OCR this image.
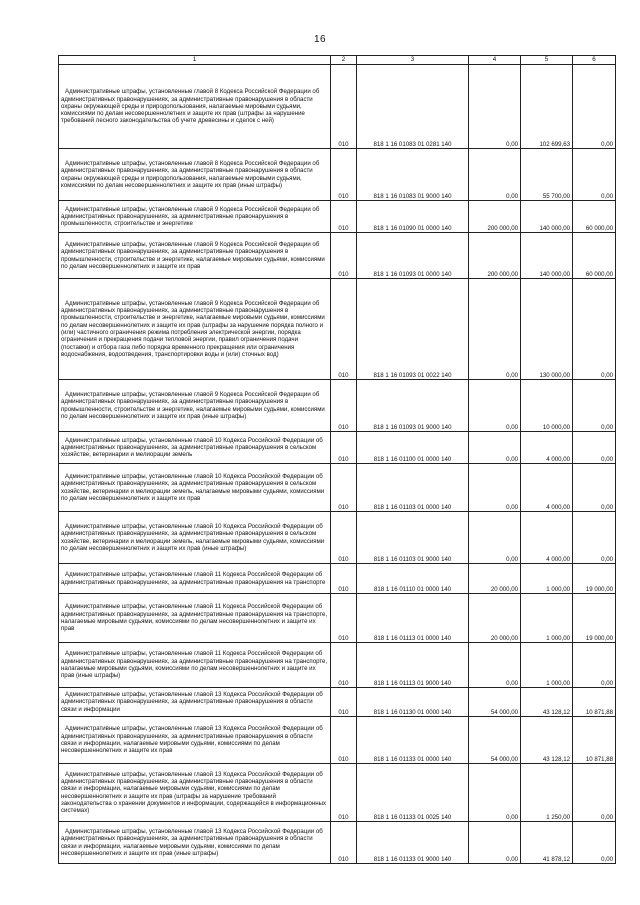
16
1	2	3	4	5	6

Административные штрафы, установленные главой 8 Кодекса Российской Федерации об административных правонарушениях, за административные правонарушения в области охраны окружающей среды и природопользования, налагаемые мировыми судьями, комиссиями по делам несовершеннолетних и защите их прав (штрафы за нарушение требований лесного законодательства об учете древесины и сделок с ней)	010	818 1 16 01083 01 0281 140	0,00	102 699,63	0,00

Административные штрафы, установленные главой 8 Кодекса Российской Федерации об административных правонарушениях, за административные правонарушения в области охраны окружающей среды и природопользования, налагаемые мировыми судьями, комиссиями по делам несовершеннолетних и защите их прав (иные штрафы)	010	818 1 16 01083 01 9000 140	0,00	55 700,00	0,00

Административные штрафы, установленные главой 9 Кодекса Российской Федерации об административных правонарушениях, за административные правонарушения в промышленности, строительстве и энергетике	010	818 1 16 01090 01 0000 140	200 000,00	140 000,00	60 000,00

Административные штрафы, установленные главой 9 Кодекса Российской Федерации об административных правонарушениях, за административные правонарушения в промышленности, строительстве и энергетике, налагаемые мировыми судьями, комиссиями по делам несовершеннолетних и защите их прав	010	818 1 16 01093 01 0000 140	200 000,00	140 000,00	60 000,00

Административные штрафы, установленные главой 9 Кодекса Российской Федерации об административных правонарушениях, за административные правонарушения в промышленности, строительстве и энергетике, налагаемые мировыми судьями, комиссиями по делам несовершеннолетних и защите их прав (штрафы за нарушение порядка полного и (или) частичного ограничения режима потребления электрической энергии, порядка ограничения и прекращения подачи тепловой энергии, правил ограничения подачи (поставки) и отбора газа либо порядка временного прекращения или ограничения водоснабжения, водоотведения, транспортировки воды и (или) сточных вод)	010	818 1 16 01093 01 0022 140	0,00	130 000,00	0,00

Административные штрафы, установленные главой 9 Кодекса Российской Федерации об административных правонарушениях, за административные правонарушения в промышленности, строительстве и энергетике, налагаемые мировыми судьями, комиссиями по делам несовершеннолетних и защите их прав (иные штрафы)	010	818 1 16 01093 01 9000 140	0,00	10 000,00	0,00

Административные штрафы, установленные главой 10 Кодекса Российской Федерации об административных правонарушениях, за административные правонарушения в сельском хозяйстве, ветеринарии и мелиорации земель	010	818 1 16 01100 01 0000 140	0,00	4 000,00	0,00

Административные штрафы, установленные главой 10 Кодекса Российской Федерации об административных правонарушениях, за административные правонарушения в сельском хозяйстве, ветеринарии и мелиорации земель, налагаемые мировыми судьями, комиссиями по делам несовершеннолетних и защите их прав	010	818 1 16 01103 01 0000 140	0,00	4 000,00	0,00

Административные штрафы, установленные главой 10 Кодекса Российской Федерации об административных правонарушениях, за административные правонарушения в сельском хозяйстве, ветеринарии и мелиорации земель, налагаемые мировыми судьями, комиссиями по делам несовершеннолетних и защите их прав (иные штрафы)	010	818 1 16 01103 01 9000 140	0,00	4 000,00	0,00

Административные штрафы, установленные главой 11 Кодекса Российской Федерации об административных правонарушениях, за административные правонарушения на транспорте	010	818 1 16 01110 01 0000 140	20 000,00	1 000,00	19 000,00

Административные штрафы, установленные главой 11 Кодекса Российской Федерации об административных правонарушениях, за административные правонарушения на транспорте, налагаемые мировыми судьями, комиссиями по делам несовершеннолетних и защите их прав	010	818 1 16 01113 01 0000 140	20 000,00	1 000,00	19 000,00

Административные штрафы, установленные главой 11 Кодекса Российской Федерации об административных правонарушениях, за административные правонарушения на транспорте, налагаемые мировыми судьями, комиссиями по делам несовершеннолетних и защите их прав (иные штрафы)	010	818 1 16 01113 01 9000 140	0,00	1 000,00	0,00

Административные штрафы, установленные главой 13 Кодекса Российской Федерации об административных правонарушениях, за административные правонарушения в области связи и информации	010	818 1 16 01130 01 0000 140	54 000,00	43 128,12	10 871,88

Административные штрафы, установленные главой 13 Кодекса Российской Федерации об административных правонарушениях, за административные правонарушения в области связи и информации, налагаемые мировыми судьями, комиссиями по делам несовершеннолетних и защите их прав	010	818 1 16 01133 01 0000 140	54 000,00	43 128,12	10 871,88

Административные штрафы, установленные главой 13 Кодекса Российской Федерации об административных правонарушениях, за административные правонарушения в области связи и информации, налагаемые мировыми судьями, комиссиями по делам несовершеннолетних и защите их прав (штрафы за нарушение требований законодательства о хранении документов и информации, содержащейся в информационных системах)	010	818 1 16 01133 01 0025 140	0,00	1 250,00	0,00

Административные штрафы, установленные главой 13 Кодекса Российской Федерации об административных правонарушениях, за административные правонарушения в области связи и информации, налагаемые мировыми судьями, комиссиями по делам несовершеннолетних и защите их прав (иные штрафы)	010	818 1 16 01133 01 9000 140	0,00	41 878,12	0,00
